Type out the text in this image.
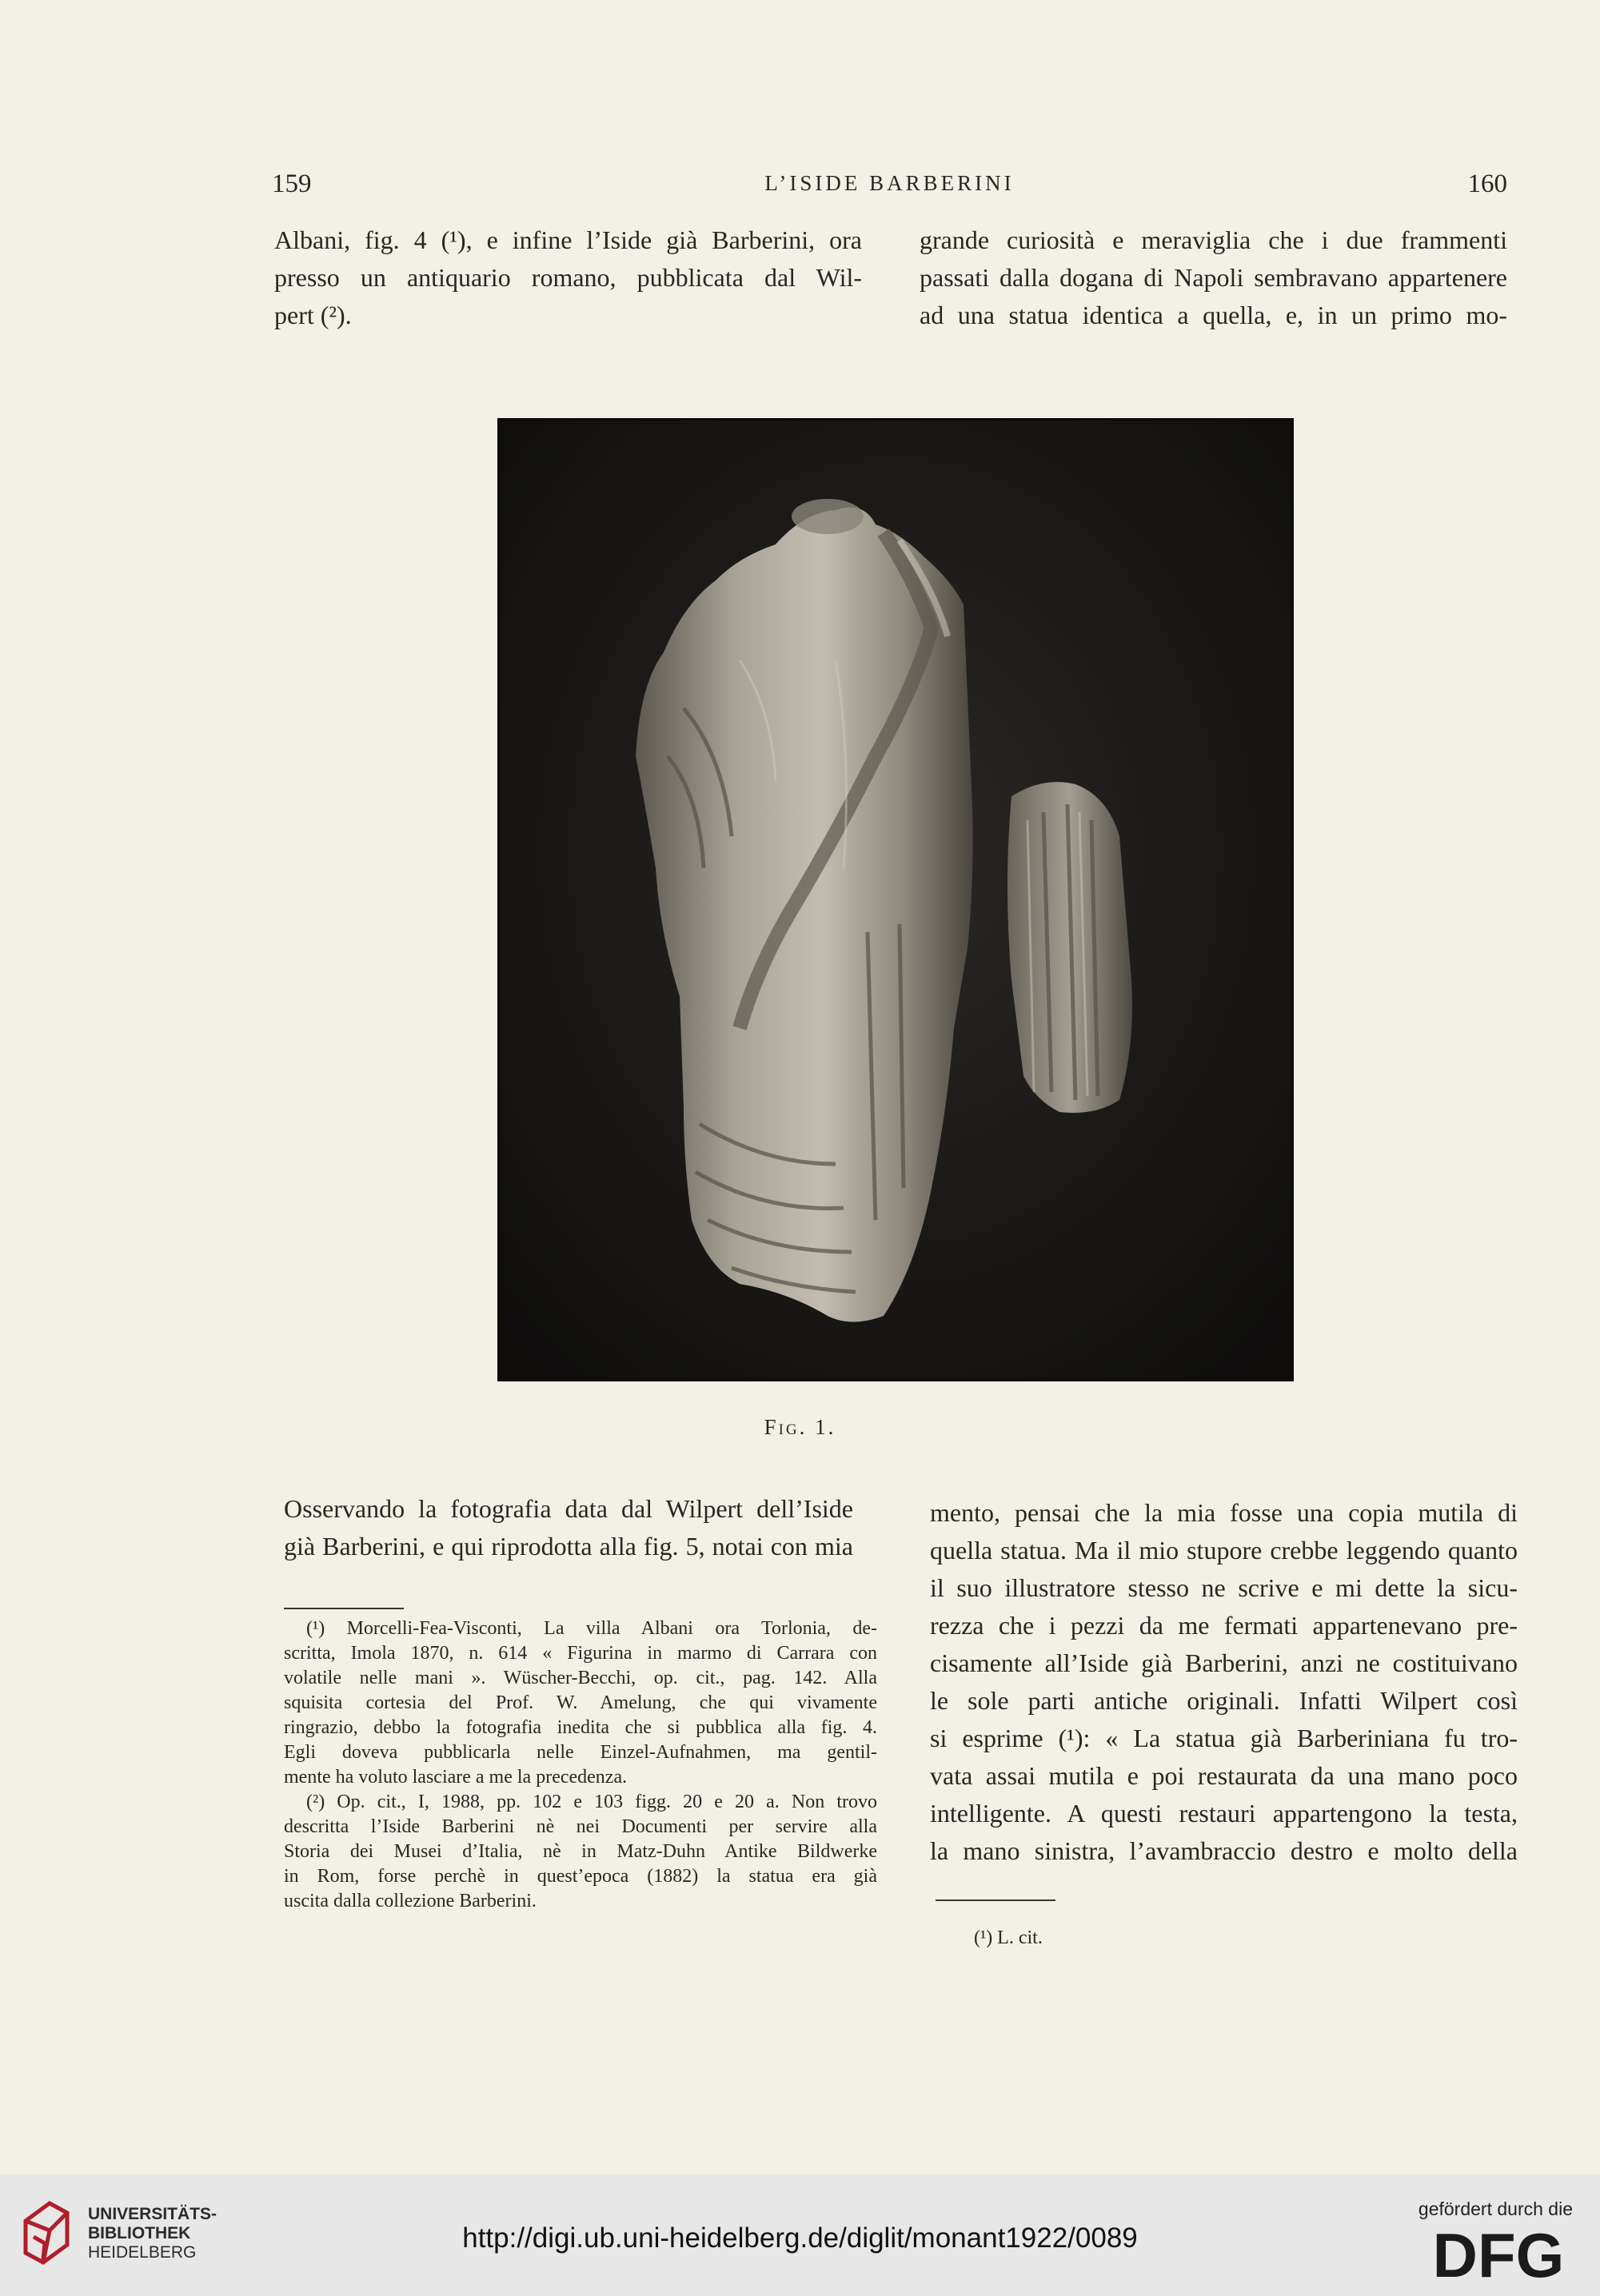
159	L’ISIDE BARBERINI	160
Albani, fig. 4 (¹), e infine l’Iside già Barberini, ora
presso un antiquario romano, pubblicata dal Wil-
pert (²).
grande curiosità e meraviglia che i due frammenti
passati dalla dogana di Napoli sembravano appartenere
ad una statua identica a quella, e, in un primo mo-
Fig. 1.
Osservando la fotografia data dal Wilpert dell’Iside
già Barberini, e qui riprodotta alla fig. 5, notai con mia
(¹) Morcelli-Fea-Visconti, La villa Albani ora Torlonia, de-
scritta, Imola 1870, n. 614 « Figurina in marmo di Carrara con
volatile nelle mani ». Wüscher-Becchi, op. cit., pag. 142. Alla
squisita cortesia del Prof. W. Amelung, che qui vivamente
ringrazio, debbo la fotografia inedita che si pubblica alla fig. 4.
Egli doveva pubblicarla nelle Einzel-Aufnahmen, ma gentil-
mente ha voluto lasciare a me la precedenza.
(²) Op. cit., I, 1988, pp. 102 e 103 figg. 20 e 20 a. Non trovo
descritta l’Iside Barberini nè nei Documenti per servire alla
Storia dei Musei d’Italia, nè in Matz-Duhn Antike Bildwerke
in Rom, forse perchè in quest’epoca (1882) la statua era già
uscita dalla collezione Barberini.
mento, pensai che la mia fosse una copia mutila di
quella statua. Ma il mio stupore crebbe leggendo quanto
il suo illustratore stesso ne scrive e mi dette la sicu-
rezza che i pezzi da me fermati appartenevano pre-
cisamente all’Iside già Barberini, anzi ne costituivano
le sole parti antiche originali. Infatti Wilpert così
si esprime (¹): « La statua già Barberiniana fu tro-
vata assai mutila e poi restaurata da una mano poco
intelligente. A questi restauri appartengono la testa,
la mano sinistra, l’avambraccio destro e molto della
(¹) L. cit.
UNIVERSITÄTS-
BIBLIOTHEK
HEIDELBERG	http://digi.ub.uni-heidelberg.de/diglit/monant1922/0089
gefördert durch die
DFG
